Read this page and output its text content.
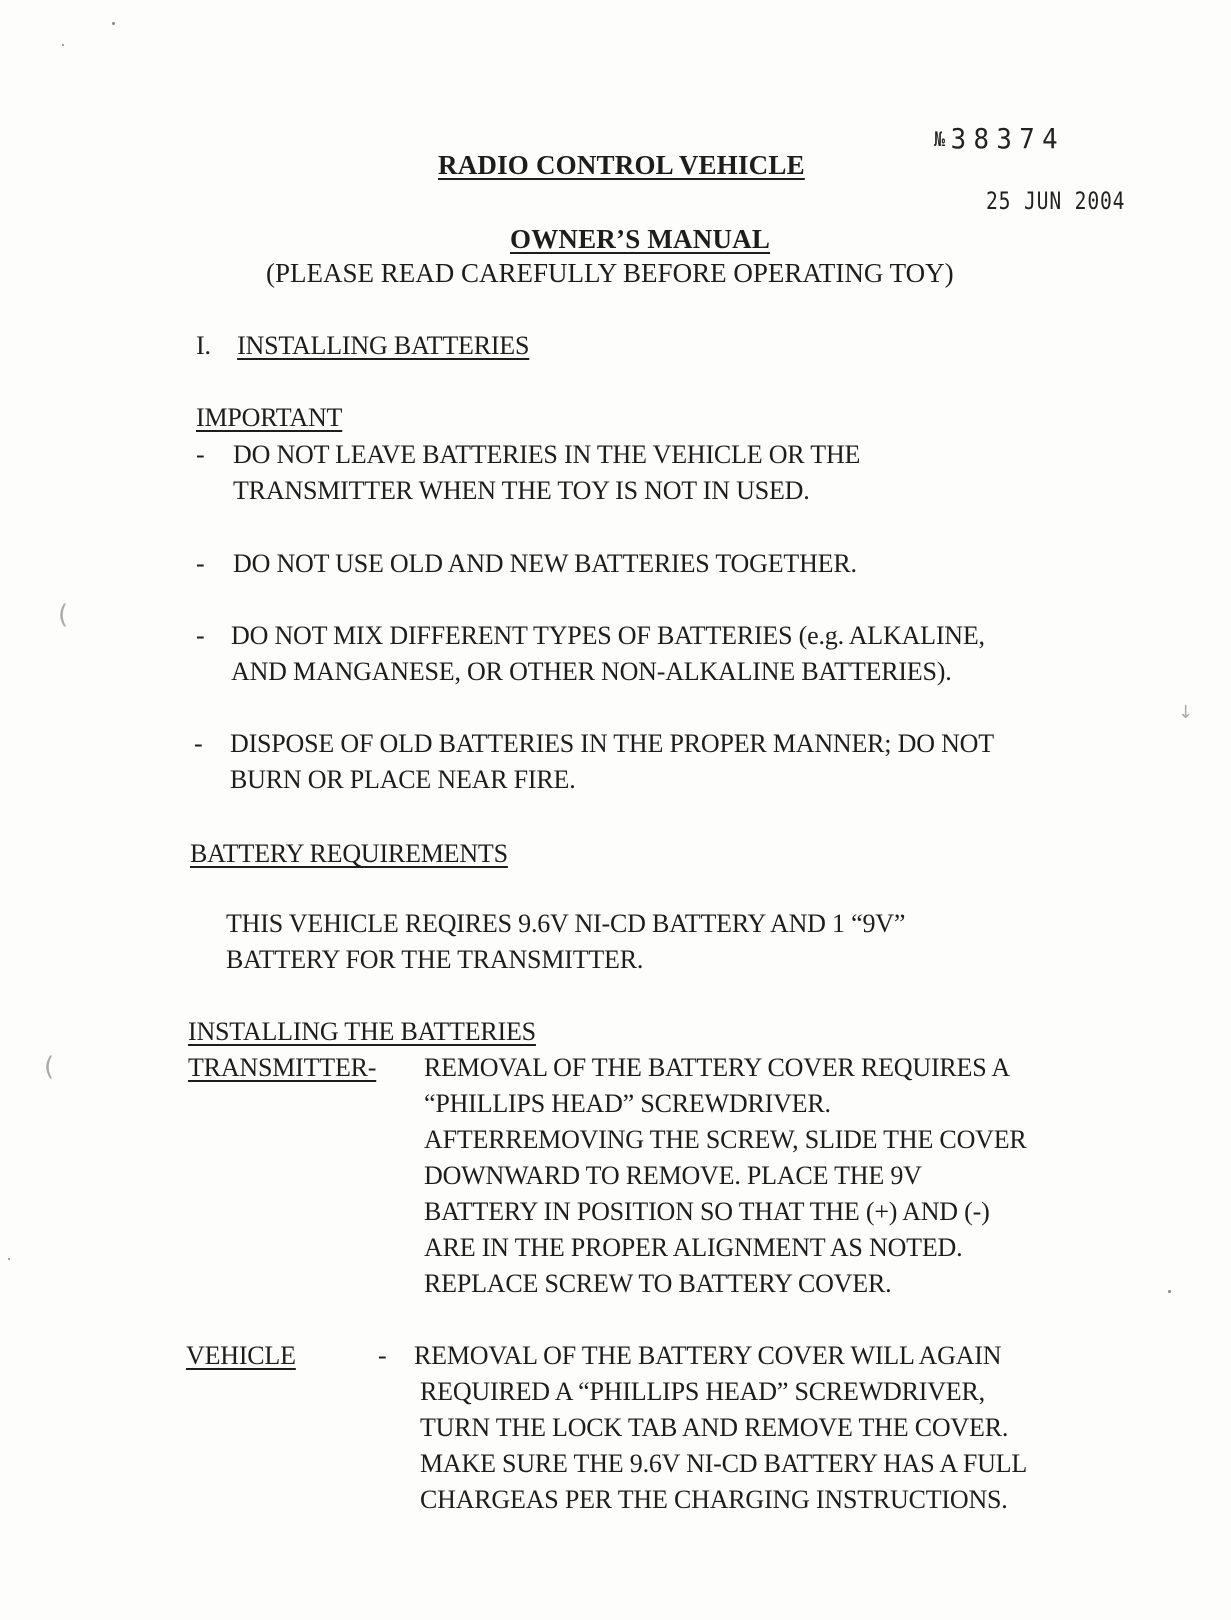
(
(
↓
№ 38374
25 JUN 2004
RADIO CONTROL VEHICLE
OWNER’S MANUAL
(PLEASE READ CAREFULLY BEFORE OPERATING TOY)
I. INSTALLING BATTERIES
IMPORTANT
- DO NOT LEAVE BATTERIES IN THE VEHICLE OR THE
TRANSMITTER WHEN THE TOY IS NOT IN USED.
- DO NOT USE OLD AND NEW BATTERIES TOGETHER.
- DO NOT MIX DIFFERENT TYPES OF BATTERIES (e.g. ALKALINE,
AND MANGANESE, OR OTHER NON-ALKALINE BATTERIES).
- DISPOSE OF OLD BATTERIES IN THE PROPER MANNER; DO NOT
BURN OR PLACE NEAR FIRE.
BATTERY REQUIREMENTS
THIS VEHICLE REQIRES 9.6V NI-CD BATTERY AND 1 “9V”
BATTERY FOR THE TRANSMITTER.
INSTALLING THE BATTERIES
TRANSMITTER- REMOVAL OF THE BATTERY COVER REQUIRES A
“PHILLIPS HEAD” SCREWDRIVER.
AFTERREMOVING THE SCREW, SLIDE THE COVER
DOWNWARD TO REMOVE. PLACE THE 9V
BATTERY IN POSITION SO THAT THE (+) AND (-)
ARE IN THE PROPER ALIGNMENT AS NOTED.
REPLACE SCREW TO BATTERY COVER.
VEHICLE	- REMOVAL OF THE BATTERY COVER WILL AGAIN
REQUIRED A “PHILLIPS HEAD” SCREWDRIVER,
TURN THE LOCK TAB AND REMOVE THE COVER.
MAKE SURE THE 9.6V NI-CD BATTERY HAS A FULL
CHARGEAS PER THE CHARGING INSTRUCTIONS.
